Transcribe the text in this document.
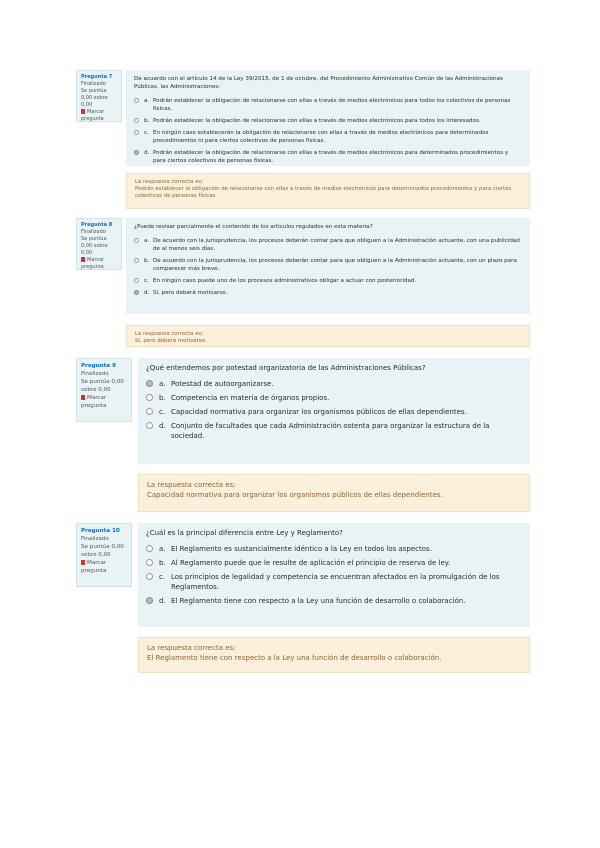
Pregunta 7
Finalizado
Se puntúa 0,00 sobre 0,00
Marcar pregunta
De acuerdo con el artículo 14 de la Ley 39/2015, de 1 de octubre, del Procedimiento Administrativo Común de las Administraciones Públicas, las Administraciones:
a. Podrán establecer la obligación de relacionarse con ellas a través de medios electrónicos para todos los colectivos de personas físicas.
b. Podrán establecer la obligación de relacionarse con ellas a través de medios electrónicos para todos los interesados.
c. En ningún caso establecerán la obligación de relacionarse con ellas a través de medios electrónicos para determinados procedimientos ni para ciertos colectivos de personas físicas.
d. Podrán establecer la obligación de relacionarse con ellas a través de medios electrónicos para determinados procedimientos y para ciertos colectivos de personas físicas.

La respuesta correcta es:

Podrán establecer la obligación de relacionarse con ellas a través de medios electrónicos para determinados procedimientos y para ciertos colectivos de personas físicas.

Pregunta 8
Finalizado
Se puntúa 0,00 sobre 0,00
Marcar pregunta
¿Puede revisar parcialmente el contenido de los artículos regulados en esta materia?
a. De acuerdo con la jurisprudencia, los procesos deberán contar para que obliguen a la Administración actuante, con una publicidad de al menos seis días.
b. De acuerdo con la jurisprudencia, los procesos deberán contar para que obliguen a la Administración actuante, con un plazo para comparecer más breve.
c. En ningún caso puede uno de los procesos administrativos obligar a actuar con posterioridad.
d. Sí, pero deberá motivarse.

La respuesta correcta es:

Sí, pero deberá motivarse.

Pregunta 9
Finalizado
Se puntúa 0,00 sobre 0,00
Marcar pregunta
¿Qué entendemos por potestad organizatoria de las Administraciones Públicas?
a. Potestad de autoorganizarse.
b. Competencia en materia de órganos propios.
c. Capacidad normativa para organizar los organismos públicos de ellas dependientes.
d. Conjunto de facultades que cada Administración ostenta para organizar la estructura de la sociedad.

La respuesta correcta es:

Capacidad normativa para organizar los organismos públicos de ellas dependientes.

Pregunta 10
Finalizado
Se puntúa 0,00 sobre 0,00
Marcar pregunta
¿Cuál es la principal diferencia entre Ley y Reglamento?
a. El Reglamento es sustancialmente idéntico a la Ley en todos los aspectos.
b. Al Reglamento puede que le resulte de aplicación el principio de reserva de ley.
c. Los principios de legalidad y competencia se encuentran afectados en la promulgación de los Reglamentos.
d. El Reglamento tiene con respecto a la Ley una función de desarrollo o colaboración.

La respuesta correcta es:

El Reglamento tiene con respecto a la Ley una función de desarrollo o colaboración.
